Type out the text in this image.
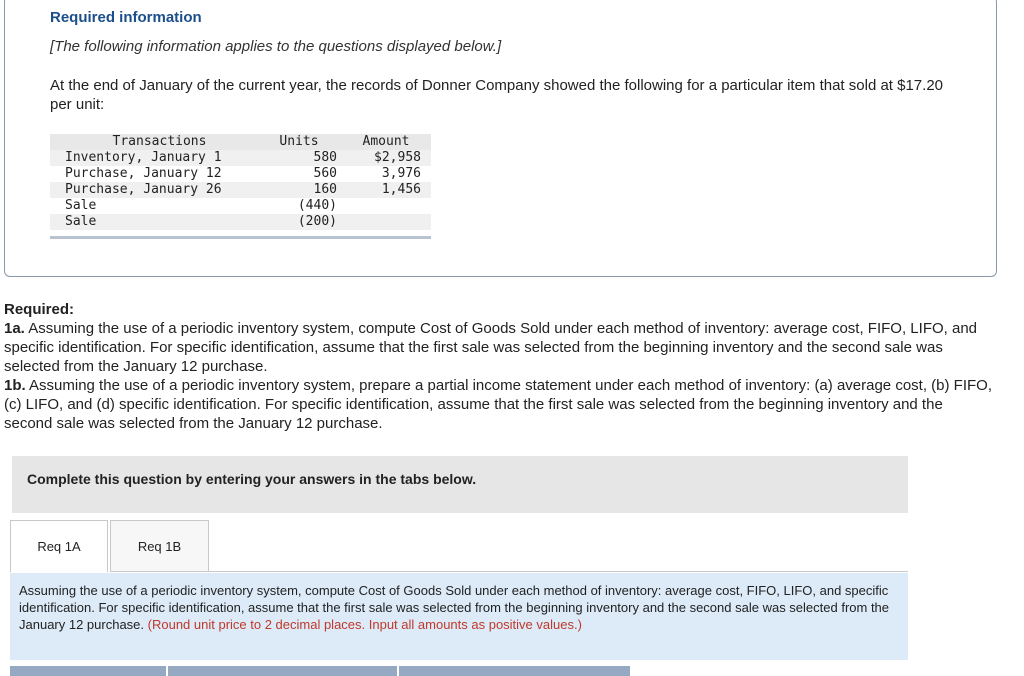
Required information
[The following information applies to the questions displayed below.]
At the end of January of the current year, the records of Donner Company showed the following for a particular item that sold at $17.20 per unit:
Transactions	Units	Amount
Inventory, January 1	580	$2,958
Purchase, January 12	560	3,976
Purchase, January 26	160	1,456
Sale	(440)	
Sale	(200)	

Required:

1a. Assuming the use of a periodic inventory system, compute Cost of Goods Sold under each method of inventory: average cost, FIFO, LIFO, and specific identification. For specific identification, assume that the first sale was selected from the beginning inventory and the second sale was selected from the January 12 purchase.

1b. Assuming the use of a periodic inventory system, prepare a partial income statement under each method of inventory: (a) average cost, (b) FIFO, (c) LIFO, and (d) specific identification. For specific identification, assume that the first sale was selected from the beginning inventory and the second sale was selected from the January 12 purchase.

Complete this question by entering your answers in the tabs below.
Req 1A	Req 1B
Assuming the use of a periodic inventory system, compute Cost of Goods Sold under each method of inventory: average cost, FIFO, LIFO, and specific identification. For specific identification, assume that the first sale was selected from the beginning inventory and the second sale was selected from the January 12 purchase. (Round unit price to 2 decimal places. Input all amounts as positive values.)
